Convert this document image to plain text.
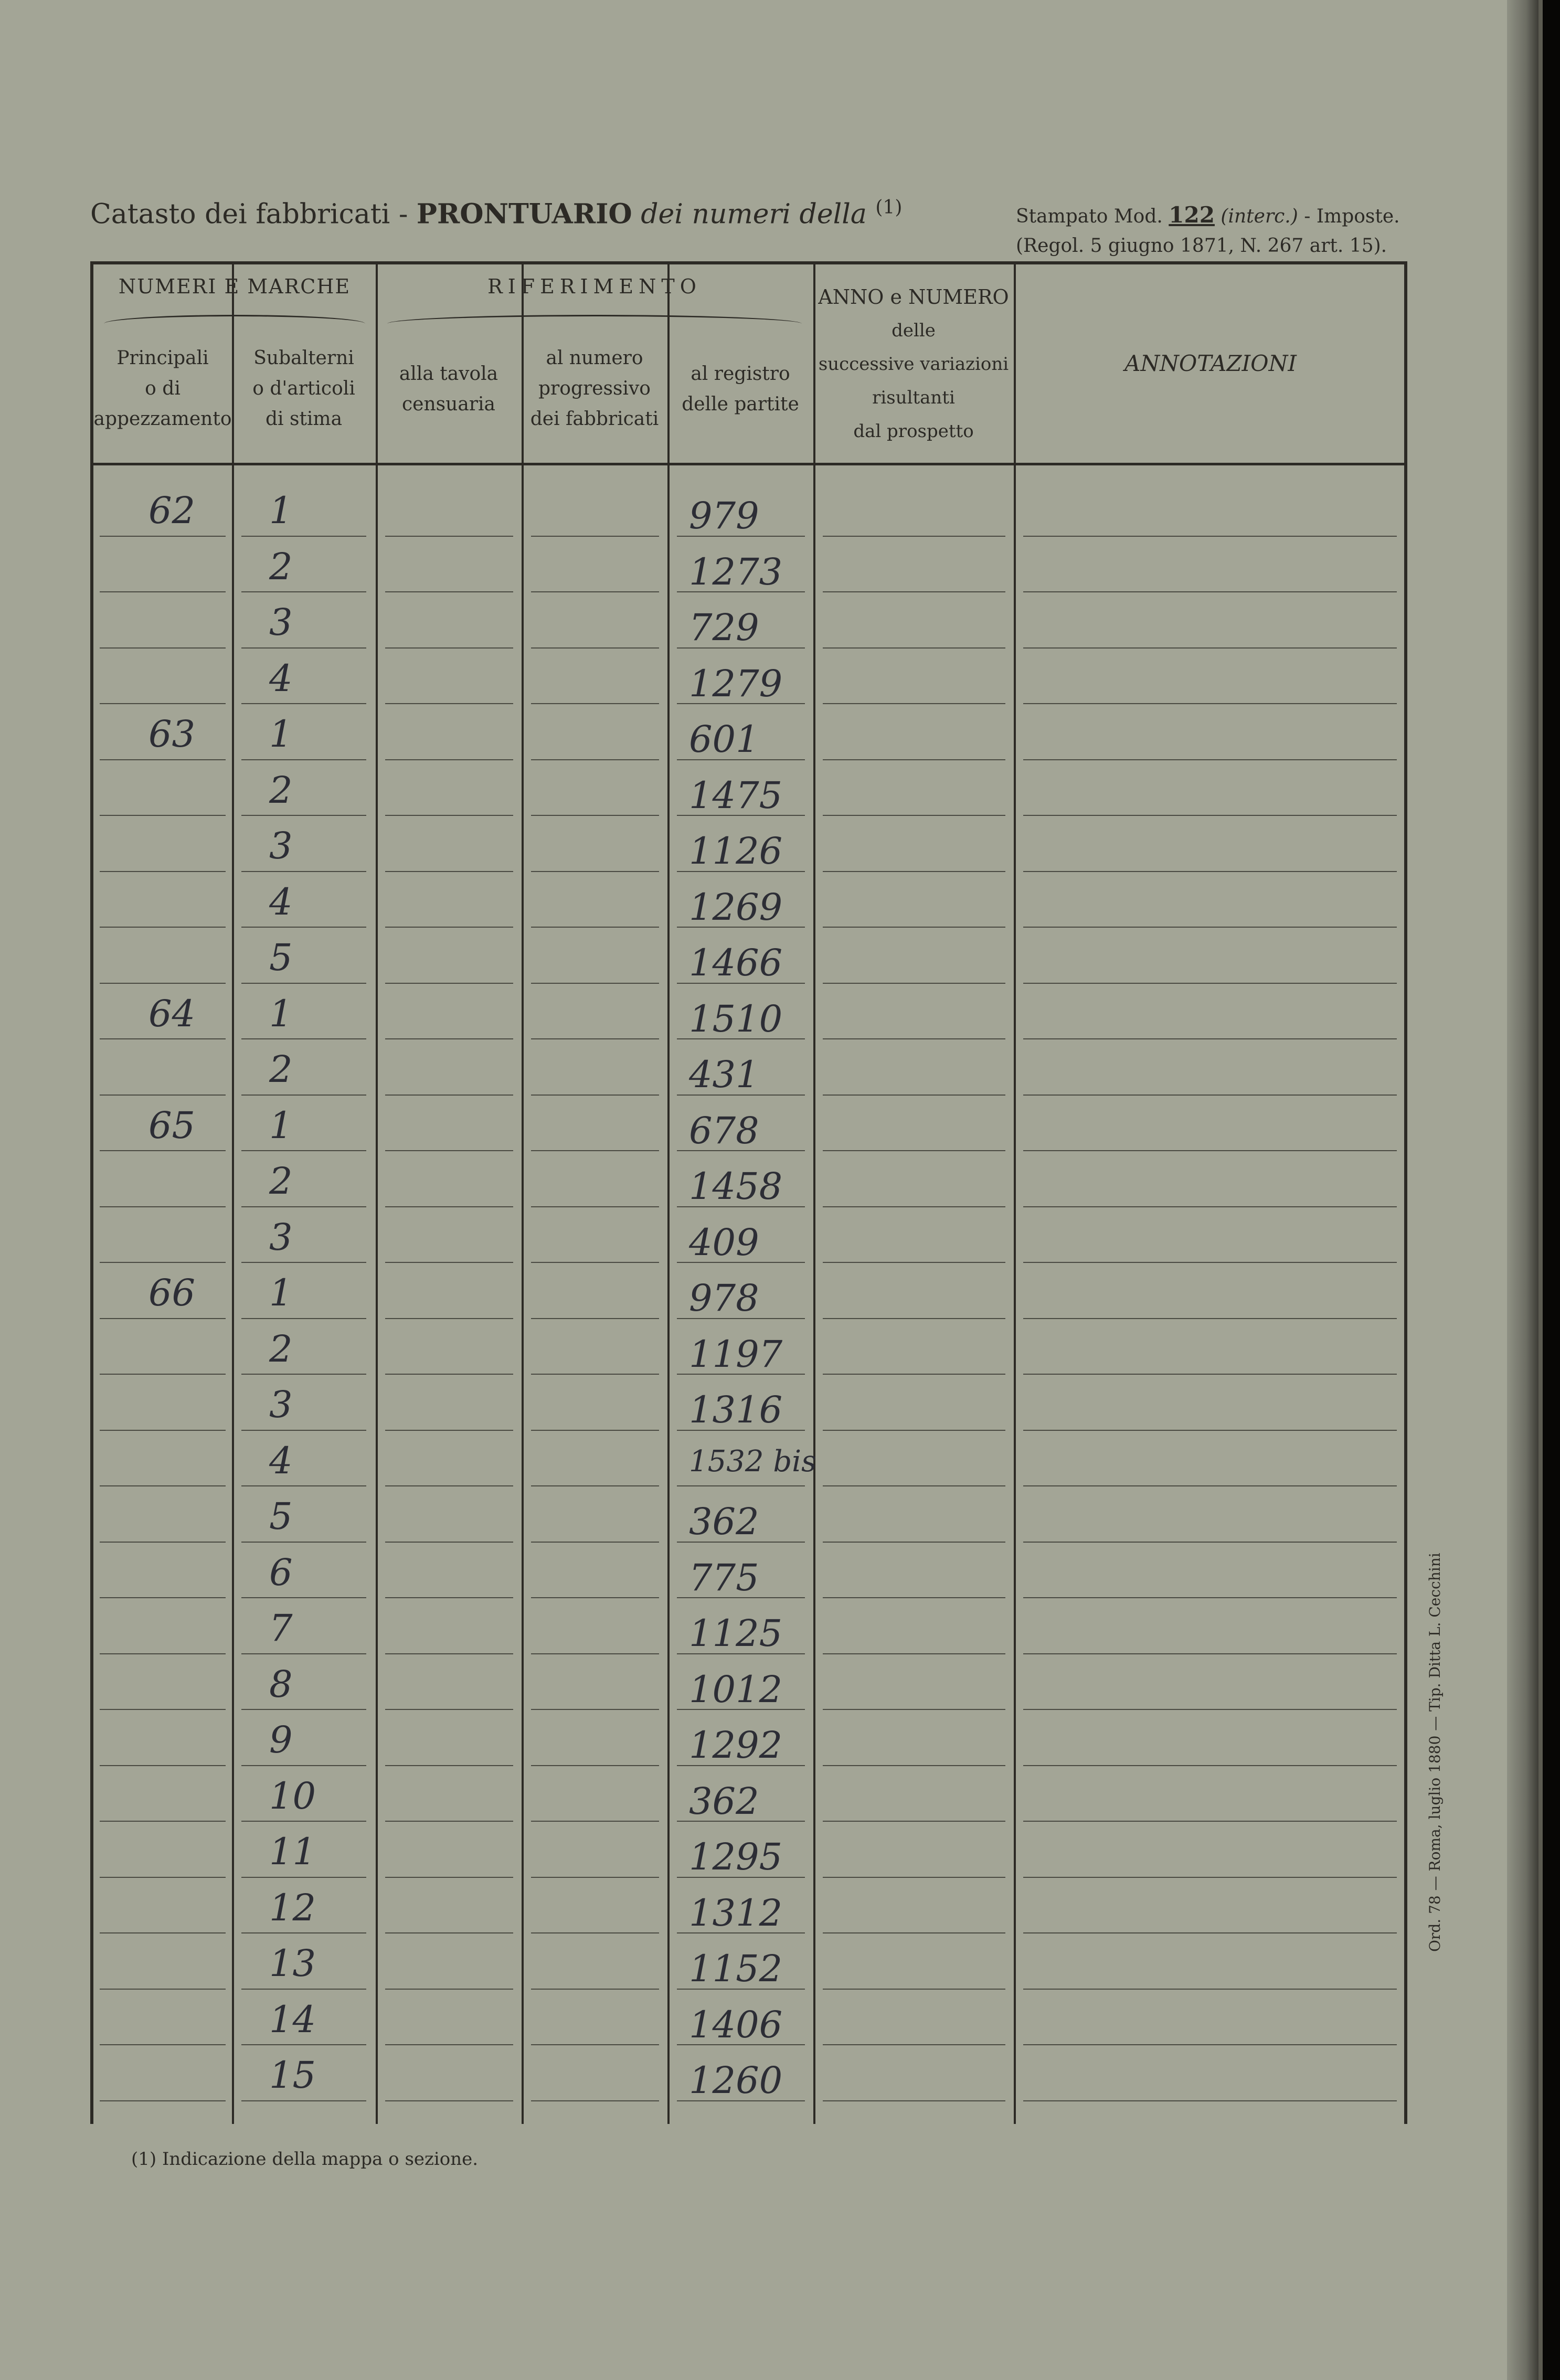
Catasto dei fabbricati - PRONTUARIO dei numeri della $^{(1)}$	Stampato Mod. 122 (interc.) - Imposte.
(Regol. 5 giugno 1871, N. 267 art. 15).
NUMERI E MARCHE	RIFERIMENTO
Principali
o di
appezzamento
Subalterni
o d'articoli
di stima
alla tavola
censuaria
al numero
progressivo
dei fabbricati
al registro
delle partite
ANNO e NUMERO
delle
successive variazioni
risultanti
dal prospetto
ANNOTAZIONI
62 1	979
2	1273
3	729
4	1279
63 1	601
2	1475
3	1126
4	1269
5	1466
64 1	1510
2	431
65 1	678
2	1458
3	409
66 1	978
2	1197
3	1316
4	1532 bis
5	362
6	775
7	1125
8	1012
9	1292
10	362
11	1295
12	1312
13	1152
14	1406
15	1260
(1) Indicazione della mappa o sezione.
Ord. 78 — Roma, luglio 1880 — Tip. Ditta L. Cecchini
